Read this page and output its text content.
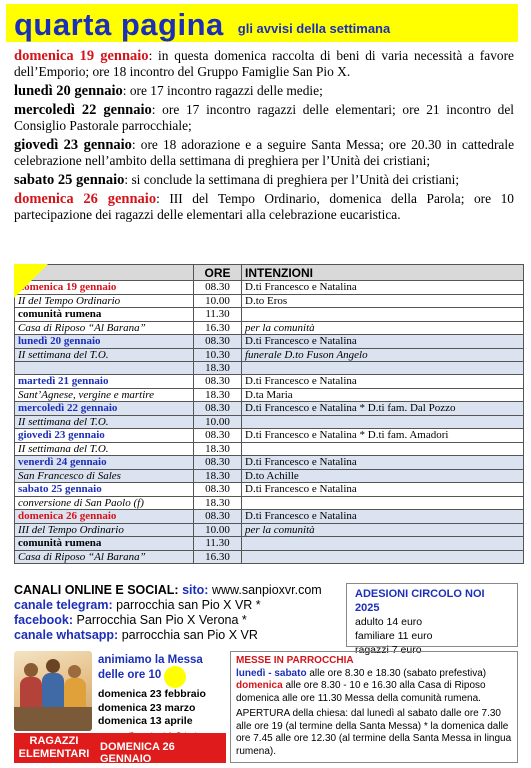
quarta pagina gli avvisi della settimana

domenica 19 gennaio: in questa domenica raccolta di beni di varia necessità a favore dell’Emporio; ore 18 incontro del Gruppo Famiglie San Pio X.

lunedì 20 gennaio: ore 17 incontro ragazzi delle medie;

mercoledì 22 gennaio: ore 17 incontro ragazzi delle elementari; ore 21 incontro del Consiglio Pastorale parrocchiale;

giovedì 23 gennaio: ore 18 adorazione e a seguire Santa Messa; ore 20.30 in cattedrale celebrazione nell’ambito della settimana di preghiera per l’Unità dei cristiani;

sabato 25 gennaio: si conclude la settimana di preghiera per l’Unità dei cristiani;

domenica 26 gennaio: III del Tempo Ordinario, domenica della Parola; ore 10 partecipazione dei ragazzi delle elementari alla celebrazione eucaristica.

	ORE	INTENZIONI
domenica 19 gennaio	08.30	D.ti Francesco e Natalina
II del Tempo Ordinario	10.00	D.to Eros
comunità rumena	11.30	
Casa di Riposo “Al Barana”	16.30	per la comunità
lunedì 20 gennaio	08.30	D.ti Francesco e Natalina
II settimana del T.O.	10.30	funerale D.to Fuson Angelo
	18.30	
martedì 21 gennaio	08.30	D.ti Francesco e Natalina
Sant’Agnese, vergine e martire	18.30	D.ta Maria
mercoledì 22 gennaio	08.30	D.ti Francesco e Natalina * D.ti fam. Dal Pozzo
II settimana del T.O.	10.00	
giovedì 23 gennaio	08.30	D.ti Francesco e Natalina * D.ti fam. Amadori
II settimana del T.O.	18.30	
venerdì 24 gennaio	08.30	D.ti Francesco e Natalina
San Francesco di Sales	18.30	D.to Achille
sabato 25 gennaio	08.30	D.ti Francesco e Natalina
conversione di San Paolo (f)	18.30	
domenica 26 gennaio	08.30	D.ti Francesco e Natalina
III del Tempo Ordinario	10.00	per la comunità
comunità rumena	11.30	
Casa di Riposo “Al Barana”	16.30	
CANALI ONLINE E SOCIAL: sito: www.sanpioxvr.com
canale telegram: parrocchia san Pio X VR *
facebook: Parrocchia San Pio X Verona *
canale whatsapp: parrocchia san Pio X VR
ADESIONI CIRCOLO NOI 2025
adulto 14 euro
familiare 11 euro
ragazzi 7 euro
animiamo la Messa
delle ore 10
domenica 23 febbraio
domenica 23 marzo
domenica 13 aprile
RAGAZZI ELEMENTARI
DOMENICA 26 GENNAIO
MESSE IN PARROCCHIA
lunedì - sabato alle ore 8.30 e 18.30 (sabato prefestiva)
domenica alle ore 8.30 - 10 e 16.30 alla Casa di Riposo domenica alle ore 11.30 Messa della comunità rumena.
APERTURA della chiesa: dal lunedì al sabato dalle ore 7.30 alle ore 19 (al termine della Santa Messa) * la domenica dalle ore 7.45 alle ore 12.30 (al termine della Santa Messa in lingua rumena).
